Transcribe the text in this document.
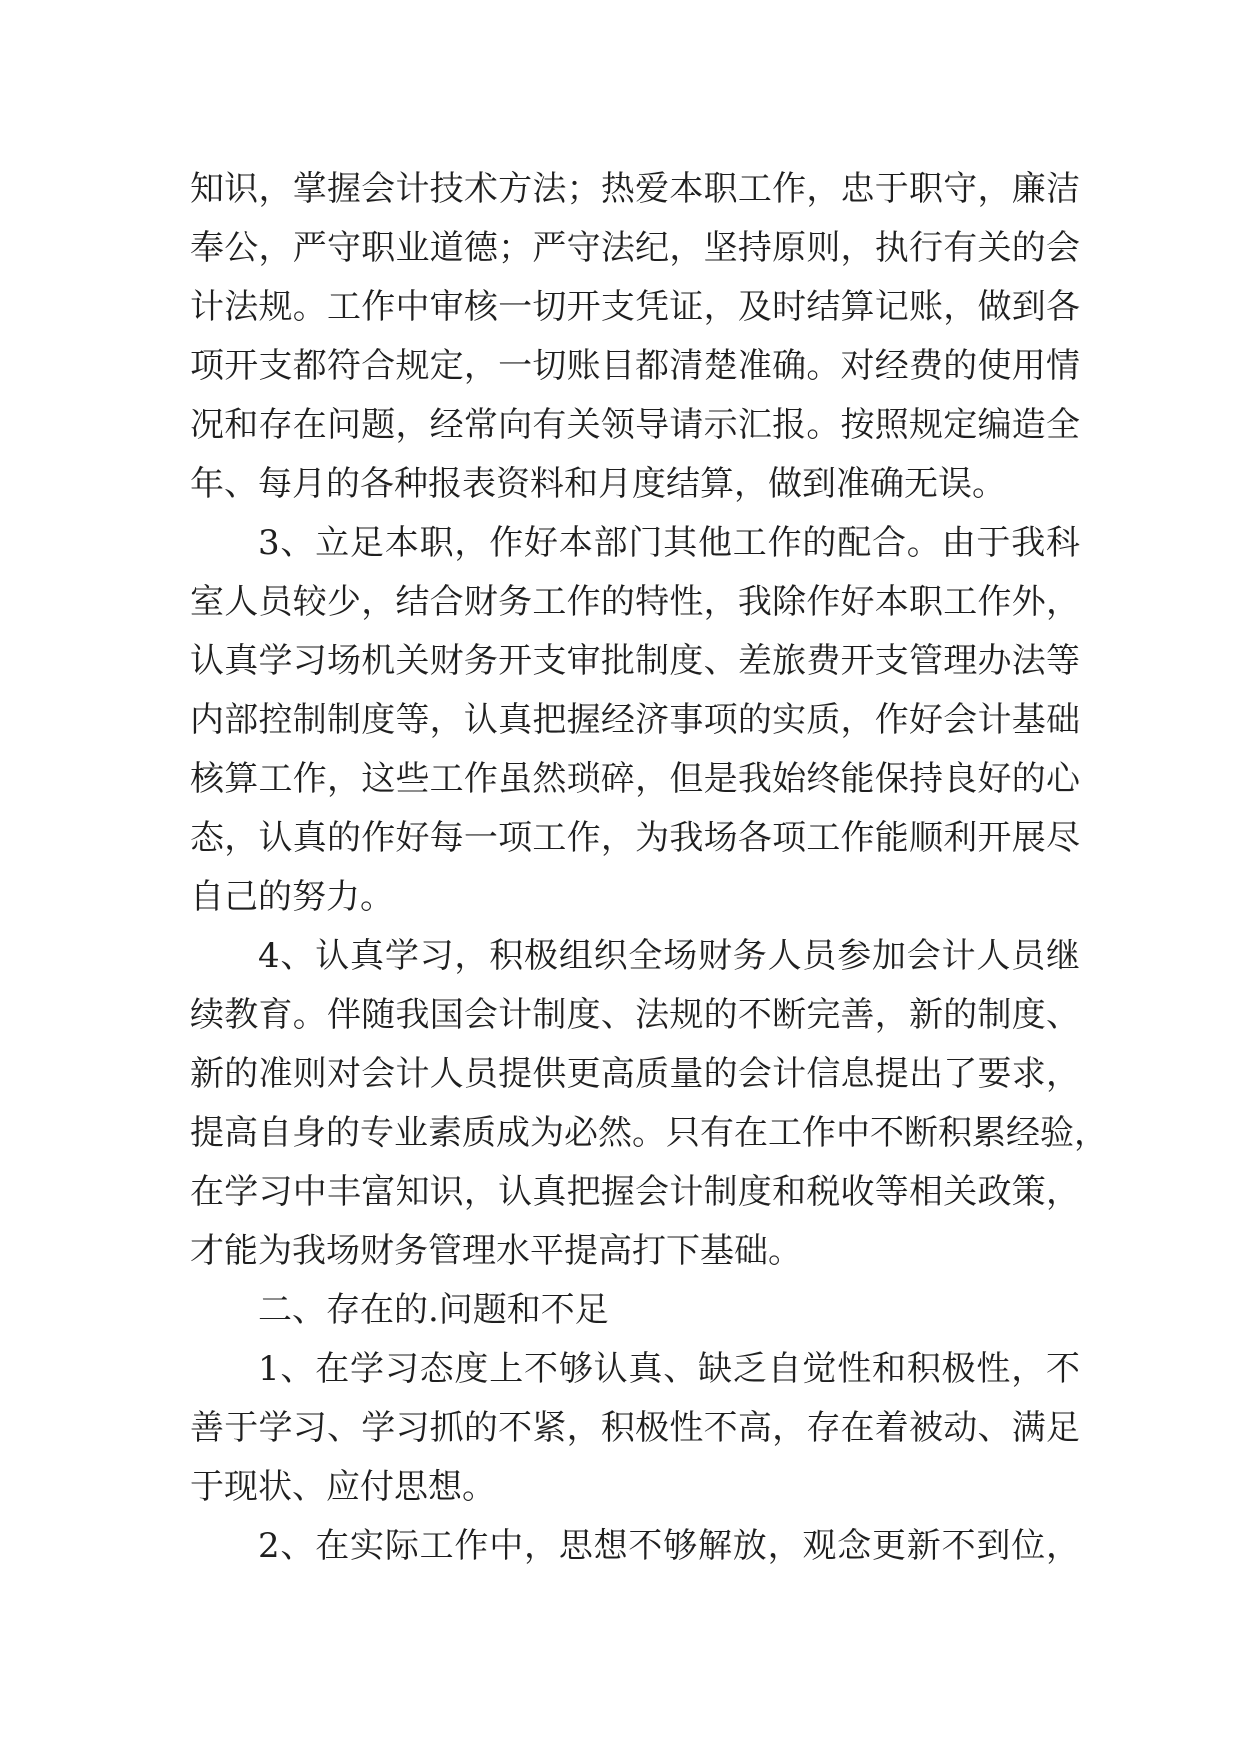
知识，掌握会计技术方法；热爱本职工作，忠于职守，廉洁
奉公，严守职业道德；严守法纪，坚持原则，执行有关的会
计法规。工作中审核一切开支凭证，及时结算记账，做到各
项开支都符合规定，一切账目都清楚准确。对经费的使用情
况和存在问题，经常向有关领导请示汇报。按照规定编造全
年、每月的各种报表资料和月度结算，做到准确无误。
3、立足本职，作好本部门其他工作的配合。由于我科
室人员较少，结合财务工作的特性，我除作好本职工作外，
认真学习场机关财务开支审批制度、差旅费开支管理办法等
内部控制制度等，认真把握经济事项的实质，作好会计基础
核算工作，这些工作虽然琐碎，但是我始终能保持良好的心
态，认真的作好每一项工作，为我场各项工作能顺利开展尽
自己的努力。
4、认真学习，积极组织全场财务人员参加会计人员继
续教育。伴随我国会计制度、法规的不断完善，新的制度、
新的准则对会计人员提供更高质量的会计信息提出了要求，
提高自身的专业素质成为必然。只有在工作中不断积累经验，
在学习中丰富知识，认真把握会计制度和税收等相关政策，
才能为我场财务管理水平提高打下基础。
二、存在的.问题和不足
1、在学习态度上不够认真、缺乏自觉性和积极性，不
善于学习、学习抓的不紧，积极性不高，存在着被动、满足
于现状、应付思想。
2、在实际工作中，思想不够解放，观念更新不到位，
